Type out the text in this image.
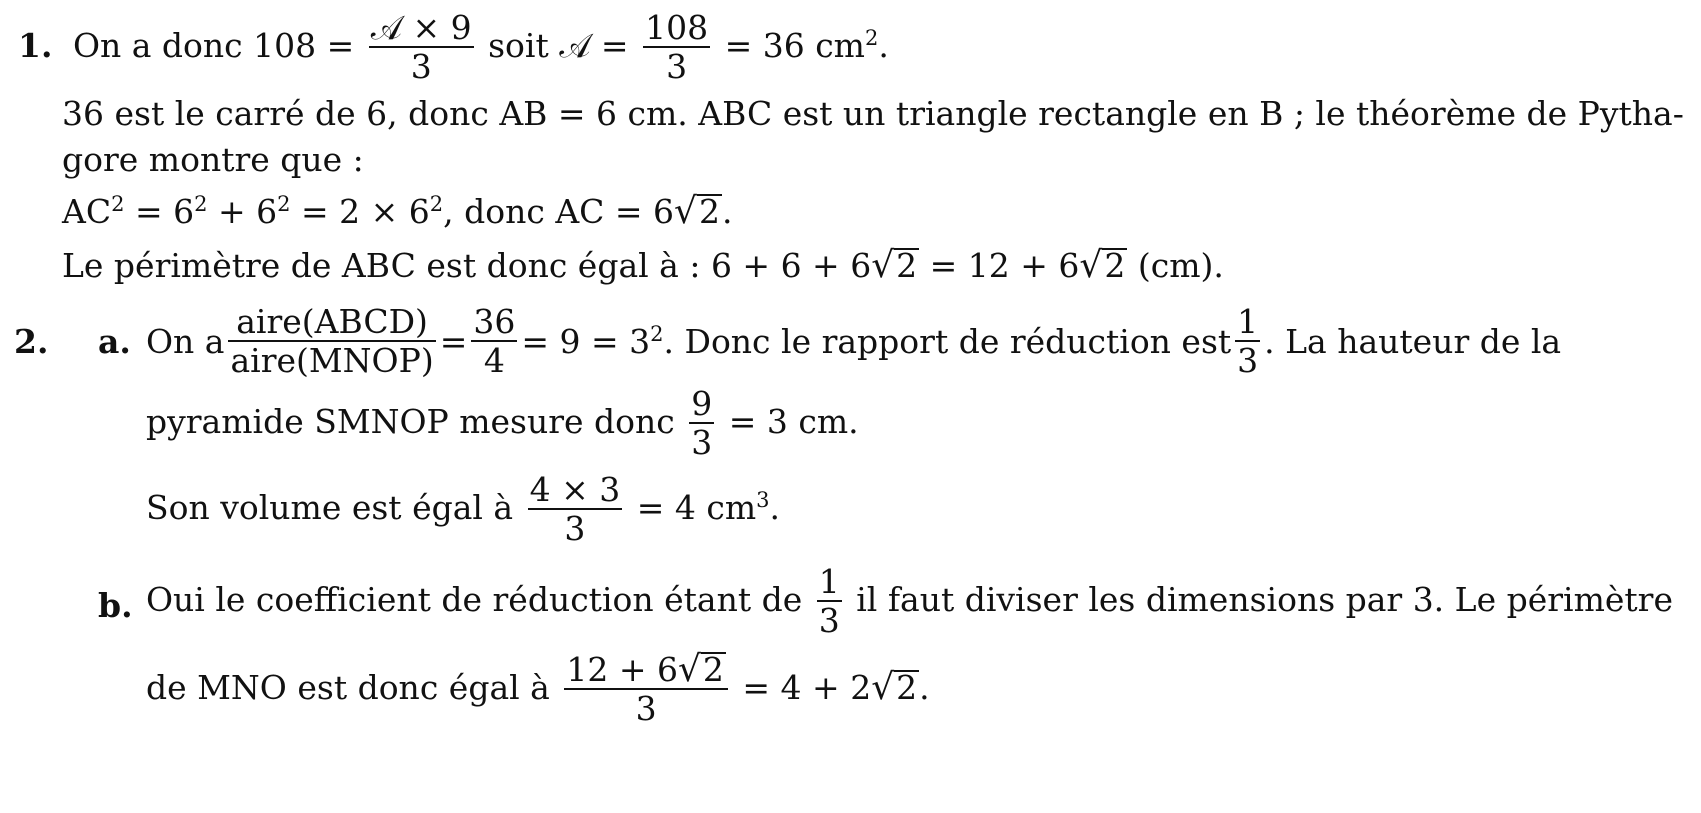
1. On a donc $108 = \frac{\text{𝒜 × 9}}{3}$ soit 𝒜 = $\frac{108}{3} = 36$ $cm^2$.
36 est le carré de 6, donc AB = 6 cm. ABC est un triangle rectangle en B ; le théorème de Pytha-
gore montre que :
$AC^2 = 6^2 + 6^2 = 2 \times 6^2$, donc AC = 6√2.
Le périmètre de ABC est donc égal à : 6 + 6 + 6√2 = 12 + 6√2 (cm).
2. a. On a $\frac{\text{aire(ABCD)}}{\text{aire(MNOP)}} = \frac{36}{4} = 9 = 3^2$. Donc le rapport de réduction est $\frac{1}{3}$ . La hauteur de la
pyramide SMNOP mesure donc $\frac{9}{3} = 3$ cm.
Son volume est égal à $\frac{4 \times 3}{3} = 4$ $cm^3$.
b. Oui le coefficient de réduction étant de $\frac{1}{3}$ il faut diviser les dimensions par 3. Le périmètre
de MNO est donc égal à $\frac{12 + 6√2}{3} = 4 + 2√2$.
